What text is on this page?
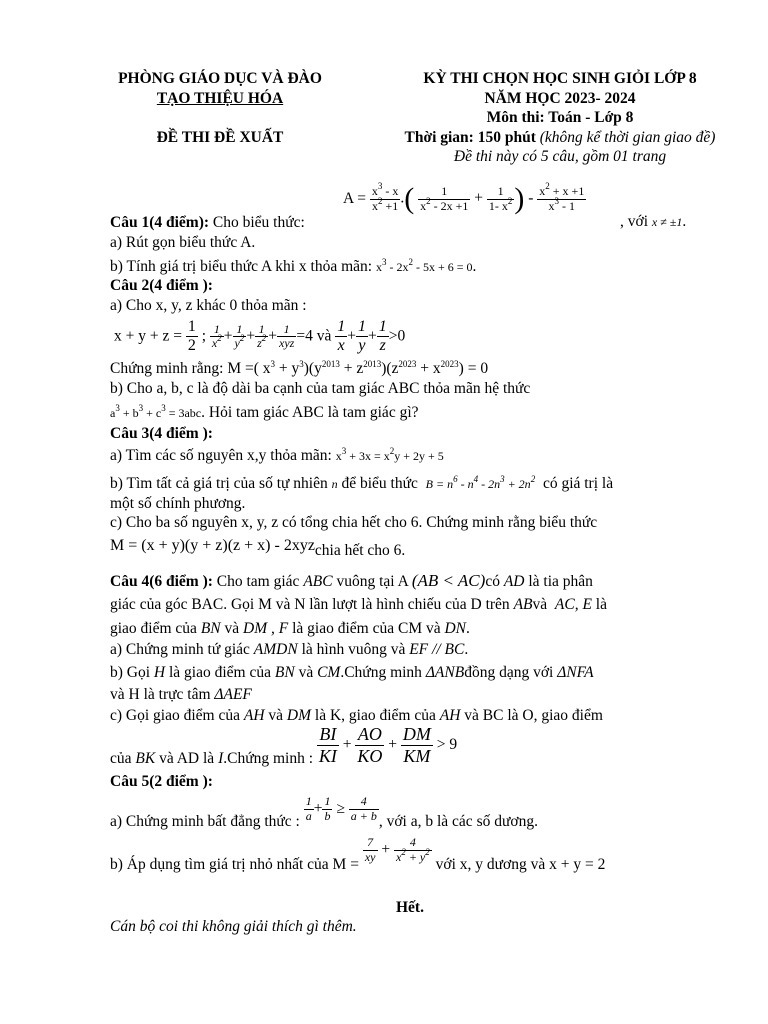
PHÒNG GIÁO DỤC VÀ ĐÀO
TẠO THIỆU HÓA
ĐỀ THI ĐỀ XUẤT
KỲ THI CHỌN HỌC SINH GIỎI LỚP 8
NĂM HỌC 2023- 2024
Môn thi: Toán - Lớp 8
Thời gian: 150 phút (không kể thời gian giao đề)
Đề thi này có 5 câu, gồm 01 trang
$A = \frac{x^3 - x}{x^2 +1}$ .( $\frac{1}{x^2 - 2x +1} + \frac{1}{1- x^2}$ ) - $\frac{x^2 + x +1}{x^3 - 1}$
, với x ≠ ±1.
Câu 1(4 điểm): Cho biểu thức:
a) Rút gọn biểu thức A.
b) Tính giá trị biểu thức A khi x thỏa mãn: $x^3 - 2x^2 - 5x + 6 = 0$.
Câu 2(4 điểm ):
a) Cho x, y, z khác 0 thỏa mãn :
$x + y + z = \frac{1}{2}$ ; $\frac{1}{x^2} + \frac{1}{y^2} + \frac{1}{z^2} + \frac{1}{\text{xyz}} =4$ và $\frac{1}{x} + \frac{1}{y} + \frac{1}{z} >0$
Chứng minh rằng: M =( $x^3 + y^3)(y^{2013} + z^{2013})(z^{2023} + x^{2023}) = 0$
b) Cho a, b, c là độ dài ba cạnh của tam giác ABC thỏa mãn hệ thức
$a^3 + b^3 + c^3 = 3abc$. Hỏi tam giác ABC là tam giác gì?
Câu 3(4 điểm ):
a) Tìm các số nguyên x,y thỏa mãn: $x^3 + 3x = x^2y + 2y + 5$
b) Tìm tất cả giá trị của số tự nhiên n để biểu thức $B = n^6 - n^4 - 2n^3 + 2n^2$ có giá trị là
một số chính phương.
c) Cho ba số nguyên x, y, z có tổng chia hết cho 6. Chứng minh rằng biểu thức
M = (x + y)(y + z)(z + x) - 2xyzchia hết cho 6.
Câu 4(6 điểm ): Cho tam giác ABC vuông tại A (AB < AC)có AD là tia phân
giác của góc BAC. Gọi M và N lần lượt là hình chiếu của D trên ABvà AC, E là
giao điểm của BN và DM , F là giao điểm của CM và DN.
a) Chứng minh tứ giác AMDN là hình vuông và EF // BC.
b) Gọi H là giao điểm của BN và CM.Chứng minh ΔANBđồng dạng với ΔNFA
và H là trực tâm ΔAEF
c) Gọi giao điểm của AH và DM là K, giao điểm của AH và BC là O, giao điểm
của BK và AD là I.Chứng minh : $\frac{BI}{KI} + \frac{AO}{KO} + \frac{DM}{KM} > 9$
Câu 5(2 điểm ):
a) Chứng minh bất đẳng thức : $\frac{1}{a} + \frac{1}{b} \ge \frac{4}{a + b}$ , với a, b là các số dương.
b) Áp dụng tìm giá trị nhỏ nhất của $M = \frac{7}{xy} + \frac{4}{x^2 + y^2}$ với x, y dương và x + y = 2
Hết.
Cán bộ coi thi không giải thích gì thêm.
